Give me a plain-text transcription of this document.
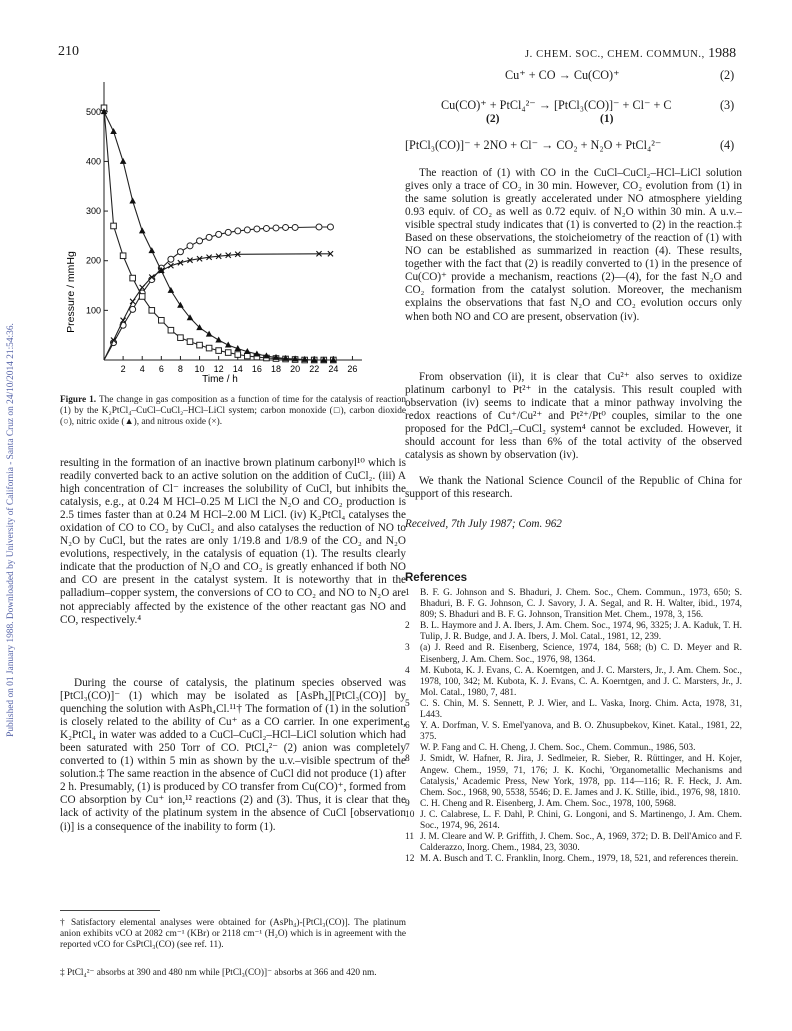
Published on 01 January 1988. Downloaded by University of California - Santa Cruz on 24/10/2014 21:54:36.
210	J. CHEM. SOC., CHEM. COMMUN., 1988
Cu⁺ + CO → Cu(CO)⁺	(2)
Cu(CO)⁺ + PtCl₄²⁻ → [PtCl₃(CO)]⁻ + Cl⁻ + C	(3)
(2)	(1)
[PtCl₃(CO)]⁻ + 2NO + Cl⁻ → CO₂ + N₂O + PtCl₄²⁻	(4)
100
200
300
400
500
2 4 6 8 10 12 14 16 18 20 22 24 26
Pressure / mmHg
Time / h
Figure 1. The change in gas composition as a function of time for the catalysis of reaction (1) by the K₂PtCl₄–CuCl–CuCl₂–HCl–LiCl system; carbon monoxide (□), carbon dioxide (○), nitric oxide (▲), and nitrous oxide (×).
resulting in the formation of an inactive brown platinum carbonyl¹⁰ which is readily converted back to an active solution on the addition of CuCl₂. (iii) A high concentration of Cl⁻ increases the solubility of CuCl, but inhibits the catalysis, e.g., at 0.24 M HCl–0.25 M LiCl the N₂O and CO₂ production is 2.5 times faster than at 0.24 M HCl–2.00 M LiCl. (iv) K₂PtCl₄ catalyses the oxidation of CO to CO₂ by CuCl₂ and also catalyses the reduction of NO to N₂O by CuCl, but the rates are only 1/19.8 and 1/8.9 of the CO₂ and N₂O evolutions, respectively, in the catalysis of equation (1). The results clearly indicate that the production of N₂O and CO₂ is greatly enhanced if both NO and CO are present in the catalyst system. It is noteworthy that in the palladium–copper system, the conversions of CO to CO₂ and NO to N₂O are not appreciably affected by the existence of the other reactant gas NO and CO, respectively.⁴
During the course of catalysis, the platinum species observed was [PtCl₃(CO)]⁻ (1) which may be isolated as [AsPh₄][PtCl₃(CO)] by quenching the solution with AsPh₄Cl.¹¹† The formation of (1) in the solution is closely related to the ability of Cu⁺ as a CO carrier. In one experiment, K₂PtCl₄ in water was added to a CuCl–CuCl₂–HCl–LiCl solution which had been saturated with 250 Torr of CO. PtCl₄²⁻ (2) anion was completely converted to (1) within 5 min as shown by the u.v.–visible spectrum of the solution.‡ The same reaction in the absence of CuCl did not produce (1) after 2 h. Presumably, (1) is produced by CO transfer from Cu(CO)⁺, formed from CO absorption by Cu⁺ ion,¹² reactions (2) and (3). Thus, it is clear that the lack of activity of the platinum system in the absence of CuCl [observation (i)] is a consequence of the inability to form (1).
† Satisfactory elemental analyses were obtained for (AsPh₄)-[PtCl₃(CO)]. The platinum anion exhibits νCO at 2082 cm⁻¹ (KBr) or 2118 cm⁻¹ (H₂O) which is in agreement with the reported νCO for CsPtCl₃(CO) (see ref. 11).
‡ PtCl₄²⁻ absorbs at 390 and 480 nm while [PtCl₃(CO)]⁻ absorbs at 366 and 420 nm.
The reaction of (1) with CO in the CuCl–CuCl₂–HCl–LiCl solution gives only a trace of CO₂ in 30 min. However, CO₂ evolution from (1) in the same solution is greatly accelerated under NO atmosphere yielding 0.93 equiv. of CO₂ as well as 0.72 equiv. of N₂O within 30 min. A u.v.–visible spectral study indicates that (1) is converted to (2) in the reaction.‡ Based on these observations, the stoicheiometry of the reaction of (1) with NO can be established as summarized in reaction (4). These results, together with the fact that (2) is readily converted to (1) in the presence of Cu(CO)⁺ provide a mechanism, reactions (2)—(4), for the fast N₂O and CO₂ formation from the catalyst solution. Moreover, the mechanism explains the observations that fast N₂O and CO₂ evolution occurs only when both NO and CO are present, observation (iv).
From observation (ii), it is clear that Cu²⁺ also serves to oxidize platinum carbonyl to Pt²⁺ in the catalysis. This result coupled with observation (iv) seems to indicate that a minor pathway involving the redox reactions of Cu⁺/Cu²⁺ and Pt²⁺/Pt⁰ couples, similar to the one proposed for the PdCl₂–CuCl₂ system⁴ cannot be excluded. However, it should account for less than 6% of the total activity of the observed catalysis as shown by observation (iv).
We thank the National Science Council of the Republic of China for support of this research.
Received, 7th July 1987; Com. 962
References
1	B. F. G. Johnson and S. Bhaduri, J. Chem. Soc., Chem. Commun., 1973, 650; S. Bhaduri, B. F. G. Johnson, C. J. Savory, J. A. Segal, and R. H. Walter, ibid., 1974, 809; S. Bhaduri and B. F. G. Johnson, Transition Met. Chem., 1978, 3, 156.
2	B. L. Haymore and J. A. Ibers, J. Am. Chem. Soc., 1974, 96, 3325; J. A. Kaduk, T. H. Tulip, J. R. Budge, and J. A. Ibers, J. Mol. Catal., 1981, 12, 239.
3	(a) J. Reed and R. Eisenberg, Science, 1974, 184, 568; (b) C. D. Meyer and R. Eisenberg, J. Am. Chem. Soc., 1976, 98, 1364.
4	M. Kubota, K. J. Evans, C. A. Koerntgen, and J. C. Marsters, Jr., J. Am. Chem. Soc., 1978, 100, 342; M. Kubota, K. J. Evans, C. A. Koerntgen, and J. C. Marsters, Jr., J. Mol. Catal., 1980, 7, 481.
5	C. S. Chin, M. S. Sennett, P. J. Wier, and L. Vaska, Inorg. Chim. Acta, 1978, 31, L443.
6	Y. A. Dorfman, V. S. Emel'yanova, and B. O. Zhusupbekov, Kinet. Katal., 1981, 22, 375.
7	W. P. Fang and C. H. Cheng, J. Chem. Soc., Chem. Commun., 1986, 503.
8	J. Smidt, W. Hafner, R. Jira, J. Sedlmeier, R. Sieber, R. Rüttinger, and H. Kojer, Angew. Chem., 1959, 71, 176; J. K. Kochi, 'Organometallic Mechanisms and Catalysis,' Academic Press, New York, 1978, pp. 114—116; R. F. Heck, J. Am. Chem. Soc., 1968, 90, 5538, 5546; D. E. James and J. K. Stille, ibid., 1976, 98, 1810.
9	C. H. Cheng and R. Eisenberg, J. Am. Chem. Soc., 1978, 100, 5968.
10 J. C. Calabrese, L. F. Dahl, P. Chini, G. Longoni, and S. Martinengo, J. Am. Chem. Soc., 1974, 96, 2614.
11 J. M. Cleare and W. P. Griffith, J. Chem. Soc., A, 1969, 372; D. B. Dell'Amico and F. Calderazzo, Inorg. Chem., 1984, 23, 3030.
12 M. A. Busch and T. C. Franklin, Inorg. Chem., 1979, 18, 521, and references therein.
